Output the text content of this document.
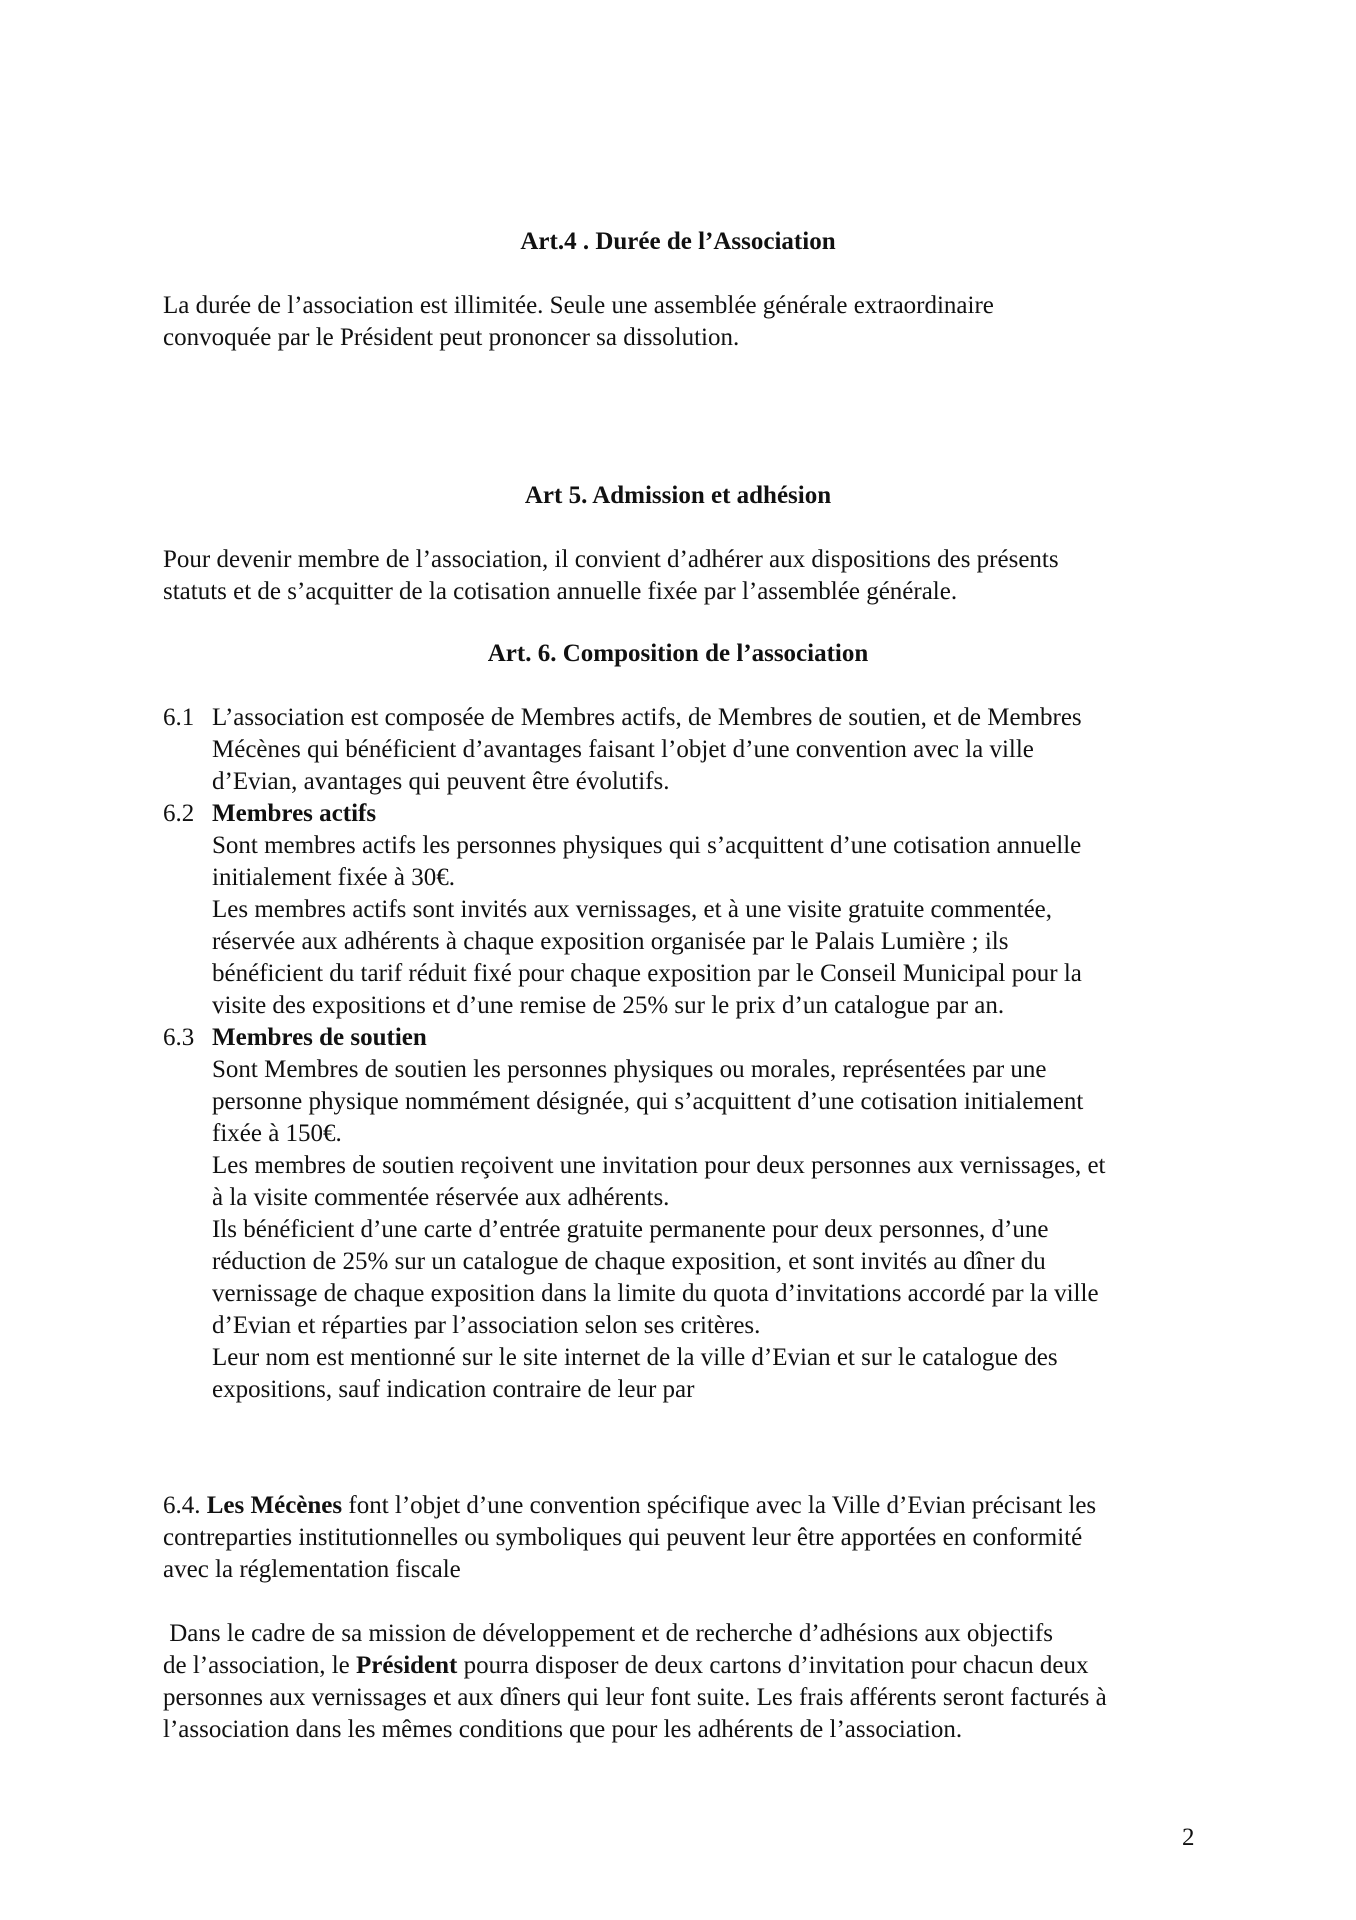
Art.4 . Durée de l’Association
La durée de l’association est illimitée. Seule une assemblée générale extraordinaire
convoquée par le Président peut prononcer sa dissolution.
Art 5. Admission et adhésion
Pour devenir membre de l’association, il convient d’adhérer aux dispositions des présents
statuts et de s’acquitter de la cotisation annuelle fixée par l’assemblée générale.
Art. 6. Composition de l’association
6.1 L’association est composée de Membres actifs, de Membres de soutien, et de Membres
Mécènes qui bénéficient d’avantages faisant l’objet d’une convention avec la ville
d’Evian, avantages qui peuvent être évolutifs.
6.2 Membres actifs
Sont membres actifs les personnes physiques qui s’acquittent d’une cotisation annuelle
initialement fixée à 30€.
Les membres actifs sont invités aux vernissages, et à une visite gratuite commentée,
réservée aux adhérents à chaque exposition organisée par le Palais Lumière ; ils
bénéficient du tarif réduit fixé pour chaque exposition par le Conseil Municipal pour la
visite des expositions et d’une remise de 25% sur le prix d’un catalogue par an.
6.3 Membres de soutien
Sont Membres de soutien les personnes physiques ou morales, représentées par une
personne physique nommément désignée, qui s’acquittent d’une cotisation initialement
fixée à 150€.
Les membres de soutien reçoivent une invitation pour deux personnes aux vernissages, et
à la visite commentée réservée aux adhérents.
Ils bénéficient d’une carte d’entrée gratuite permanente pour deux personnes, d’une
réduction de 25% sur un catalogue de chaque exposition, et sont invités au dîner du
vernissage de chaque exposition dans la limite du quota d’invitations accordé par la ville
d’Evian et réparties par l’association selon ses critères.
Leur nom est mentionné sur le site internet de la ville d’Evian et sur le catalogue des
expositions, sauf indication contraire de leur par
6.4. Les Mécènes font l’objet d’une convention spécifique avec la Ville d’Evian précisant les
contreparties institutionnelles ou symboliques qui peuvent leur être apportées en conformité
avec la réglementation fiscale
Dans le cadre de sa mission de développement et de recherche d’adhésions aux objectifs
de l’association, le Président pourra disposer de deux cartons d’invitation pour chacun deux
personnes aux vernissages et aux dîners qui leur font suite. Les frais afférents seront facturés à
l’association dans les mêmes conditions que pour les adhérents de l’association.
2
